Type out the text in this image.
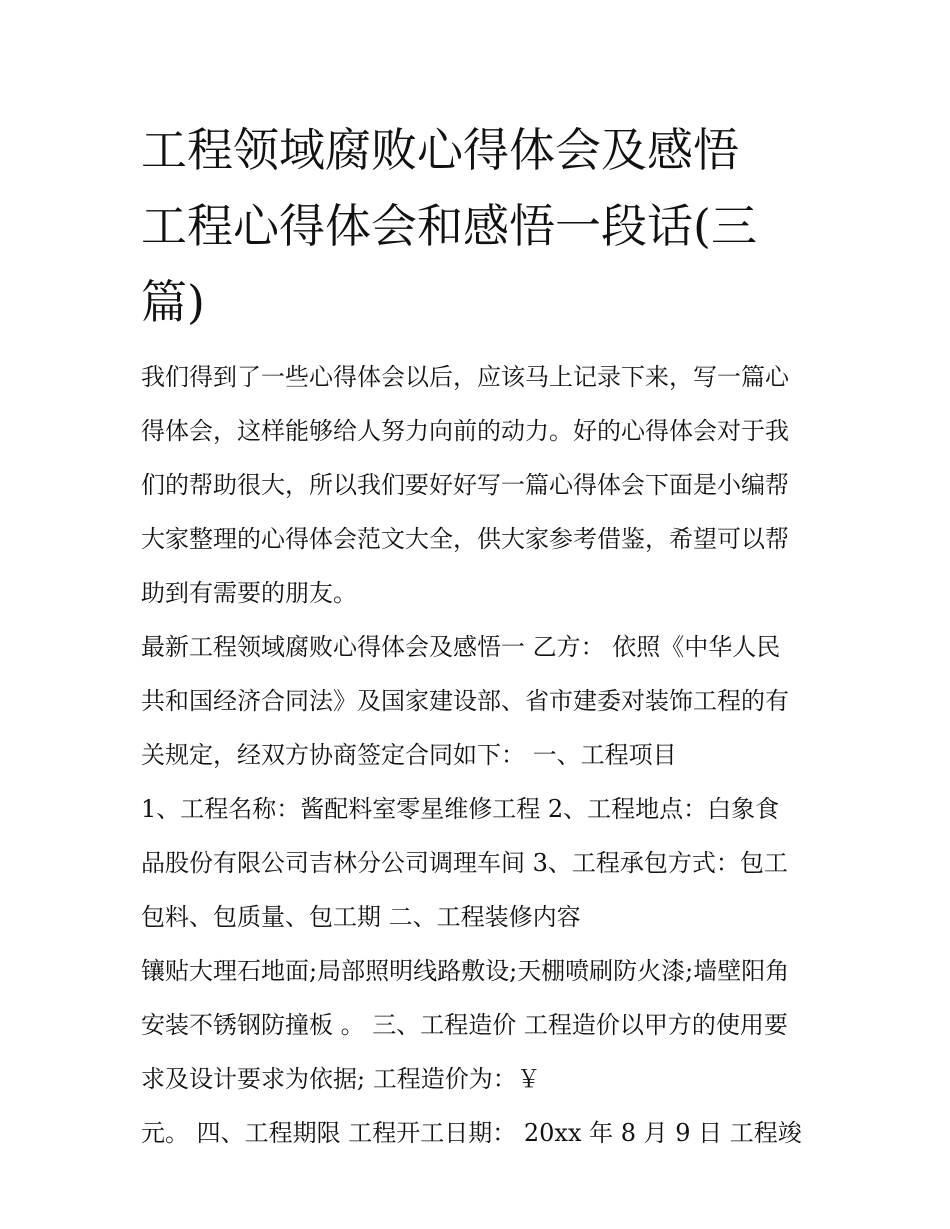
工程领域腐败心得体会及感悟
工程心得体会和感悟一段话(三
篇)
我们得到了一些心得体会以后，应该马上记录下来，写一篇心
得体会，这样能够给人努力向前的动力。好的心得体会对于我
们的帮助很大，所以我们要好好写一篇心得体会下面是小编帮
大家整理的心得体会范文大全，供大家参考借鉴，希望可以帮
助到有需要的朋友。
最新工程领域腐败心得体会及感悟一 乙方： 依照《中华人民
共和国经济合同法》及国家建设部、省市建委对装饰工程的有
关规定，经双方协商签定合同如下： 一、工程项目
1、工程名称：酱配料室零星维修工程 2、工程地点：白象食
品股份有限公司吉林分公司调理车间 3、工程承包方式：包工
包料、包质量、包工期 二、工程装修内容
镶贴大理石地面;局部照明线路敷设;天棚喷刷防火漆;墙壁阳角
安装不锈钢防撞板 。 三、工程造价 工程造价以甲方的使用要
求及设计要求为依据; 工程造价为：￥
元。 四、工程期限 工程开工日期： 20xx 年 8 月 9 日 工程竣
